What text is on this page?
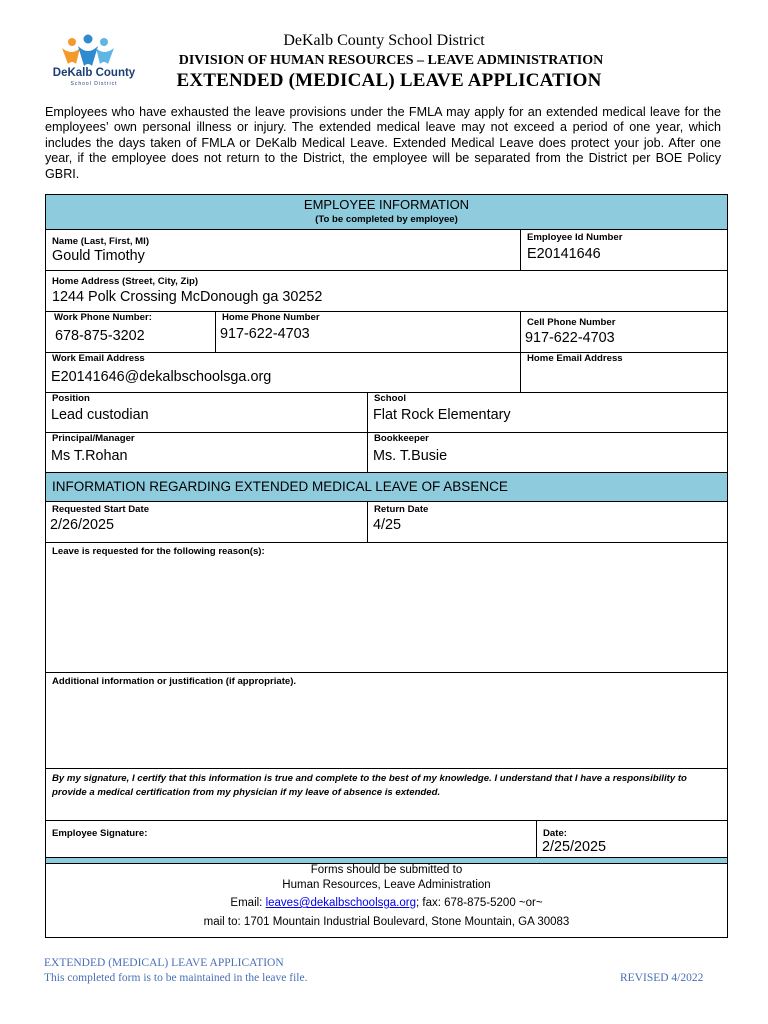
DeKalb County
School District
DeKalb County School District
DIVISION OF HUMAN RESOURCES – LEAVE ADMINISTRATION
EXTENDED (MEDICAL) LEAVE APPLICATION
Employees who have exhausted the leave provisions under the FMLA may apply for an extended medical leave for the employees’ own personal illness or injury. The extended medical leave may not exceed a period of one year, which includes the days taken of FMLA or DeKalb Medical Leave. Extended Medical Leave does protect your job. After one year, if the employee does not return to the District, the employee will be separated from the District per BOE Policy GBRI.
EMPLOYEE INFORMATION
(To be completed by employee)
Name (Last, First, MI)
Gould Timothy
Employee Id Number
E20141646
Home Address (Street, City, Zip)
1244 Polk Crossing McDonough ga 30252
Work Phone Number:
678-875-3202
Home Phone Number
917-622-4703
Cell Phone Number
917-622-4703
Work Email Address
E20141646@dekalbschoolsga.org
Home Email Address
Position
Lead custodian
School
Flat Rock Elementary
Principal/Manager
Ms T.Rohan
Bookkeeper
Ms. T.Busie
INFORMATION REGARDING EXTENDED MEDICAL LEAVE OF ABSENCE
Requested Start Date
2/26/2025
Return Date
4/25
Leave is requested for the following reason(s):
Additional information or justification (if appropriate).
By my signature, I certify that this information is true and complete to the best of my knowledge. I understand that I have a responsibility to provide a medical certification from my physician if my leave of absence is extended.
Employee Signature:	Date:
2/25/2025
Forms should be submitted to
Human Resources, Leave Administration
Email: leaves@dekalbschoolsga.org; fax: 678-875-5200 ~or~
mail to: 1701 Mountain Industrial Boulevard, Stone Mountain, GA 30083
EXTENDED (MEDICAL) LEAVE APPLICATION
This completed form is to be maintained in the leave file.	REVISED 4/2022
